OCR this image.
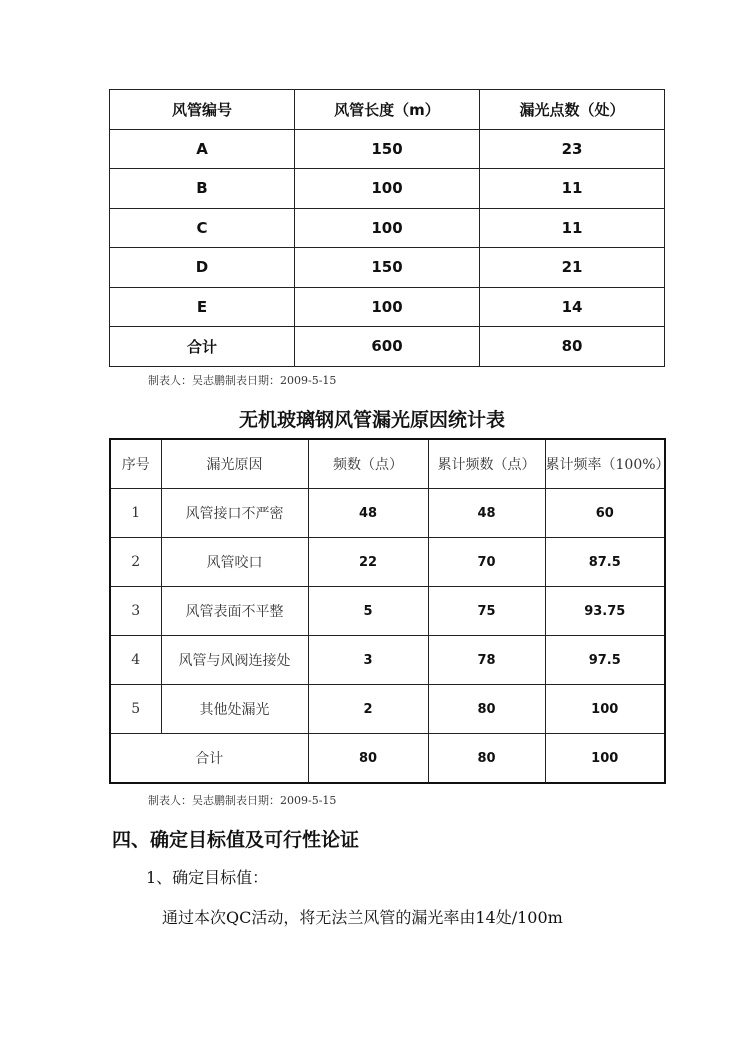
风管编号	风管长度（m）	漏光点数（处）
A	150	23
B	100	11
C	100	11
D	150	21
E	100	14
合计	600	80
制表人：吴志鹏制表日期：2009-5-15
无机玻璃钢风管漏光原因统计表
序号	漏光原因	频数（点）	累计频数（点）	累计频率（100%）
1	风管接口不严密	48	48	60
2	风管咬口	22	70	87.5
3	风管表面不平整	5	75	93.75
4	风管与风阀连接处	3	78	97.5
5	其他处漏光	2	80	100
合计		80	80	100
制表人：吴志鹏制表日期：2009-5-15
四、确定目标值及可行性论证
1、确定目标值：
通过本次QC活动，将无法兰风管的漏光率由14处/100m
